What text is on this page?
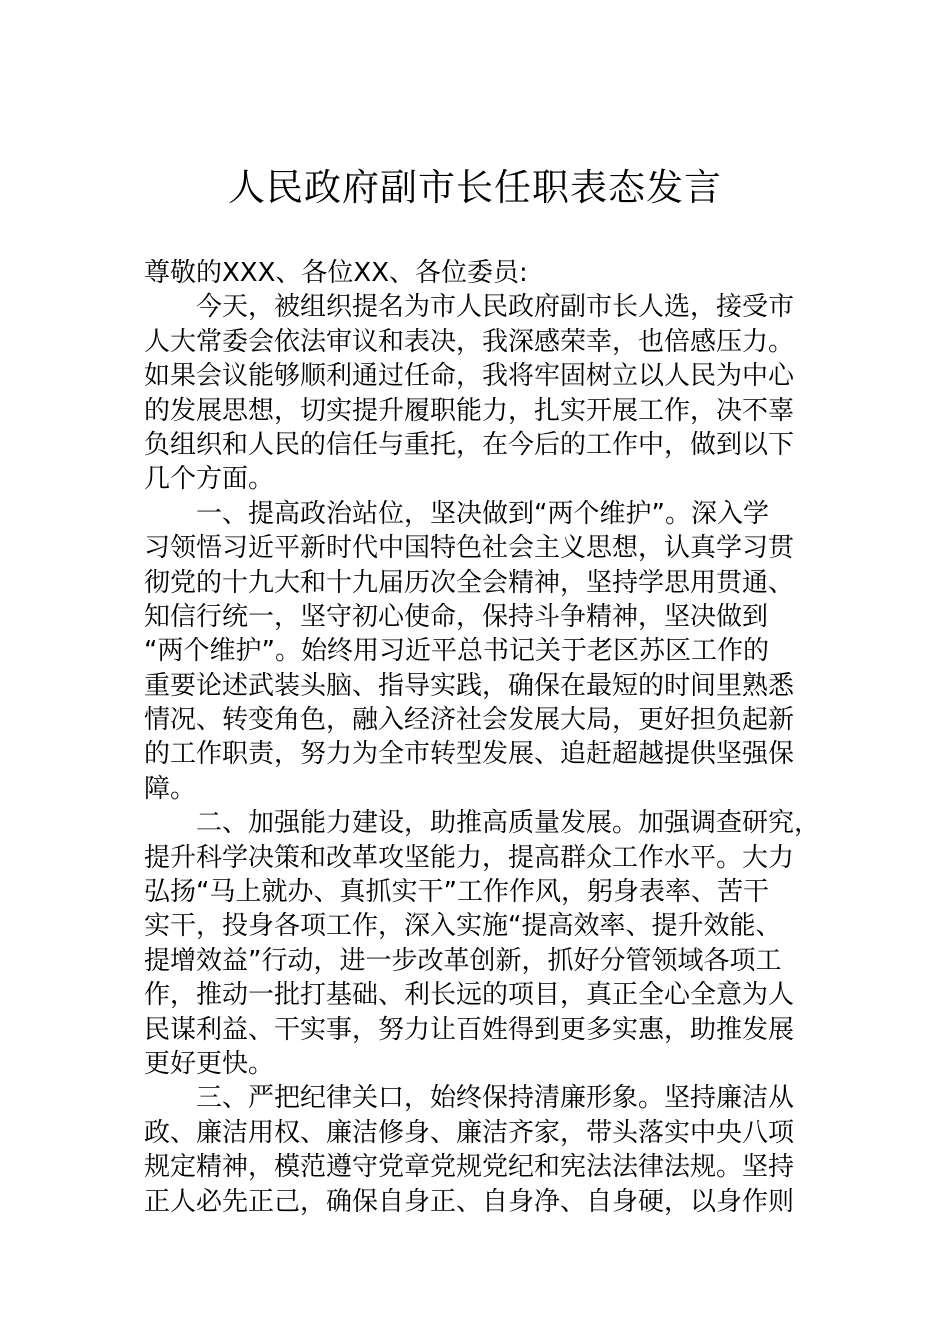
人民政府副市长任职表态发言
尊敬的XXX、各位XX、各位委员:
今天，被组织提名为市人民政府副市长人选，接受市
人大常委会依法审议和表决，我深感荣幸，也倍感压力。
如果会议能够顺利通过任命，我将牢固树立以人民为中心
的发展思想，切实提升履职能力，扎实开展工作，决不辜
负组织和人民的信任与重托，在今后的工作中，做到以下
几个方面。
一、提高政治站位，坚决做到“两个维护”。深入学
习领悟习近平新时代中国特色社会主义思想，认真学习贯
彻党的十九大和十九届历次全会精神，坚持学思用贯通、
知信行统一，坚守初心使命，保持斗争精神，坚决做到
“两个维护”。始终用习近平总书记关于老区苏区工作的
重要论述武装头脑、指导实践，确保在最短的时间里熟悉
情况、转变角色，融入经济社会发展大局，更好担负起新
的工作职责，努力为全市转型发展、追赶超越提供坚强保
障。
二、加强能力建设，助推高质量发展。加强调查研究，
提升科学决策和改革攻坚能力，提高群众工作水平。大力
弘扬“马上就办、真抓实干”工作作风，躬身表率、苦干
实干，投身各项工作，深入实施“提高效率、提升效能、
提增效益”行动，进一步改革创新，抓好分管领域各项工
作，推动一批打基础、利长远的项目，真正全心全意为人
民谋利益、干实事，努力让百姓得到更多实惠，助推发展
更好更快。
三、严把纪律关口，始终保持清廉形象。坚持廉洁从
政、廉洁用权、廉洁修身、廉洁齐家，带头落实中央八项
规定精神，模范遵守党章党规党纪和宪法法律法规。坚持
正人必先正己，确保自身正、自身净、自身硬，以身作则
